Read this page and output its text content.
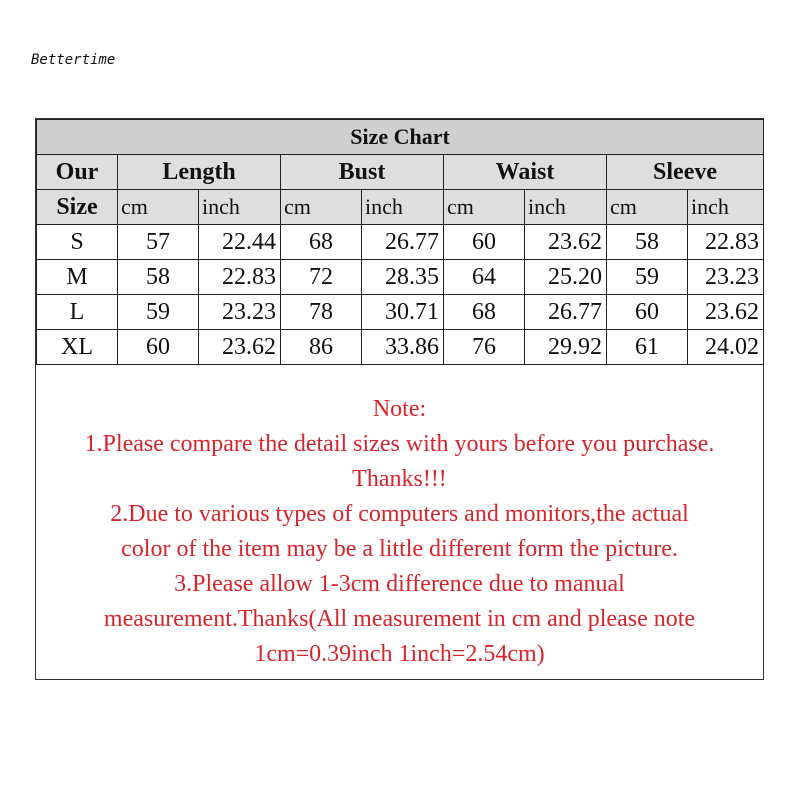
Bettertime
Size Chart								
Our	Length		Bust		Waist		Sleeve	
Size	cm	inch	cm	inch	cm	inch	cm	inch
S	57	22.44	68	26.77	60	23.62	58	22.83
M	58	22.83	72	28.35	64	25.20	59	23.23
L	59	23.23	78	30.71	68	26.77	60	23.62
XL	60	23.62	86	33.86	76	29.92	61	24.02
Note:
1.Please compare the detail sizes with yours before you purchase.
Thanks!!!
2.Due to various types of computers and monitors,the actual
color of the item may be a little different form the picture.
3.Please allow 1-3cm difference due to manual
measurement.Thanks(All measurement in cm and please note
1cm=0.39inch 1inch=2.54cm)
